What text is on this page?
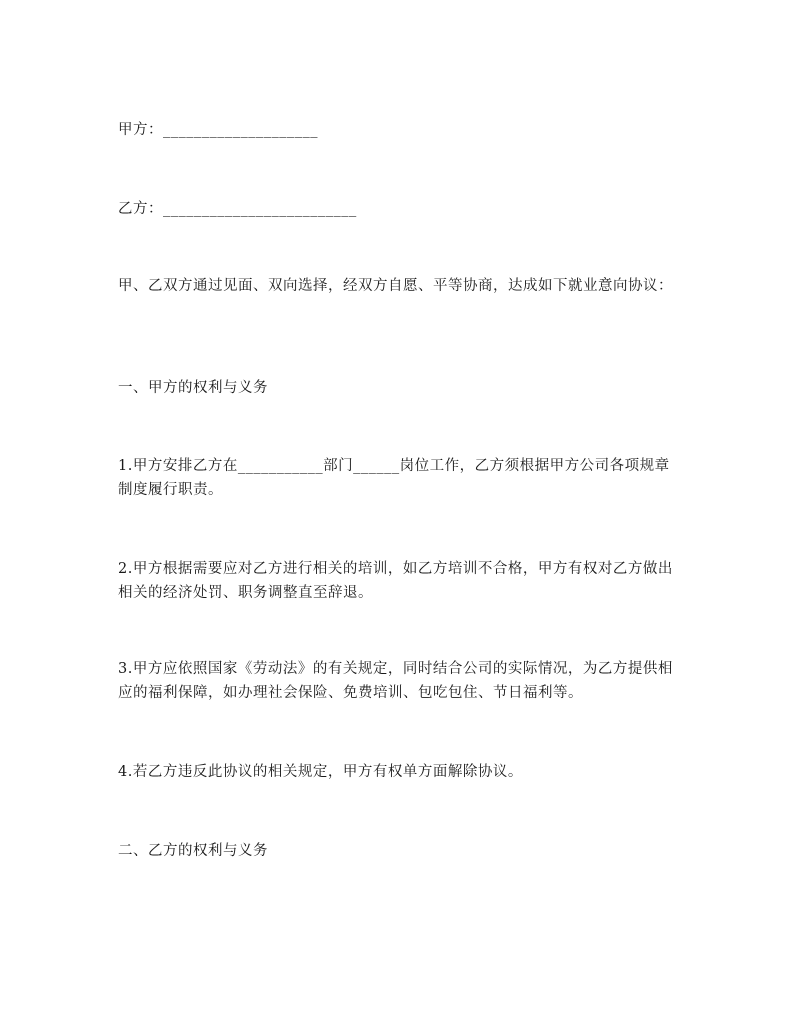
甲方：____________________
乙方：_________________________
甲、乙双方通过见面、双向选择，经双方自愿、平等协商，达成如下就业意向协议：
一、甲方的权利与义务
1.甲方安排乙方在___________部门______岗位工作，乙方须根据甲方公司各项规章制度履行职责。
2.甲方根据需要应对乙方进行相关的培训，如乙方培训不合格，甲方有权对乙方做出相关的经济处罚、职务调整直至辞退。
3.甲方应依照国家《劳动法》的有关规定，同时结合公司的实际情况，为乙方提供相应的福利保障，如办理社会保险、免费培训、包吃包住、节日福利等。
4.若乙方违反此协议的相关规定，甲方有权单方面解除协议。
二、乙方的权利与义务
